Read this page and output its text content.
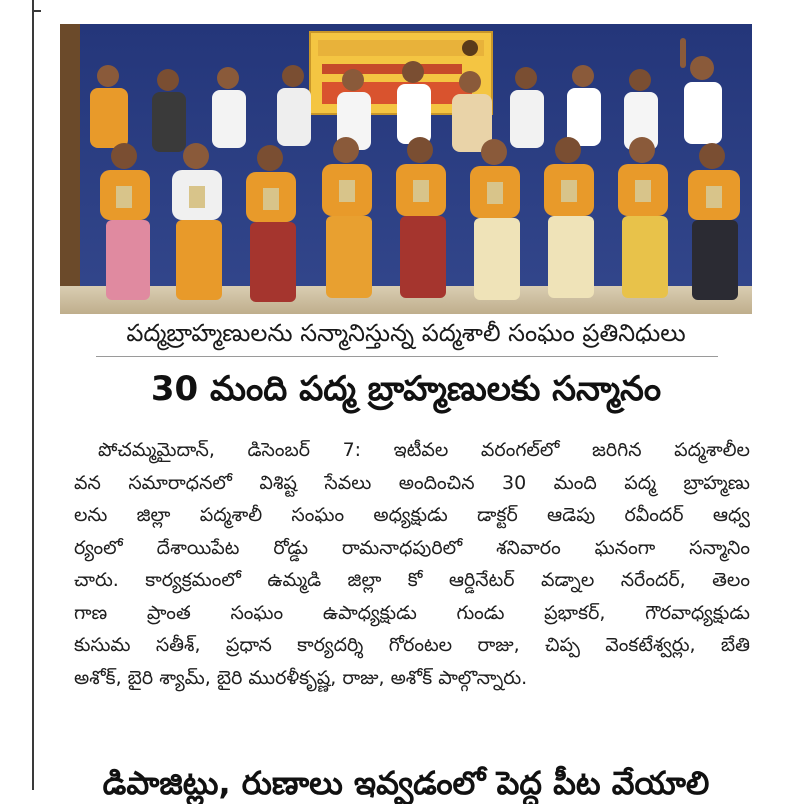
పద్మబ్రాహ్మణులను సన్మానిస్తున్న పద్మశాలీ సంఘం ప్రతినిధులు
30 మంది పద్మ బ్రాహ్మణులకు సన్మానం
పోచమ్మమైదాన్, డిసెంబర్ 7: ఇటీవల వరంగల్‌లో జరిగిన పద్మశాలీల
వన సమారాధనలో విశిష్ట సేవలు అందించిన 30 మంది పద్మ బ్రాహ్మణు
లను జిల్లా పద్మశాలీ సంఘం అధ్యక్షుడు డాక్టర్ ఆడెపు రవీందర్ ఆధ్వ
ర్యంలో దేశాయిపేట రోడ్డు రామనాధపురిలో శనివారం ఘనంగా సన్మానిం
చారు. కార్యక్రమంలో ఉమ్మడి జిల్లా కో ఆర్డినేటర్ వడ్నాల నరేందర్, తెలం
గాణ ప్రాంత సంఘం ఉపాధ్యక్షుడు గుండు ప్రభాకర్, గౌరవాధ్యక్షుడు
కుసుమ సతీశ్, ప్రధాన కార్యదర్శి గోరంటల రాజు, చిప్ప వెంకటేశ్వర్లు, బేతి
అశోక్, బైరి శ్యామ్, బైరి మురళీకృష్ణ, రాజు, అశోక్ పాల్గొన్నారు.
డిపాజిట్లు, రుణాలు ఇవ్వడంలో పెద్ద పీట వేయాలి
